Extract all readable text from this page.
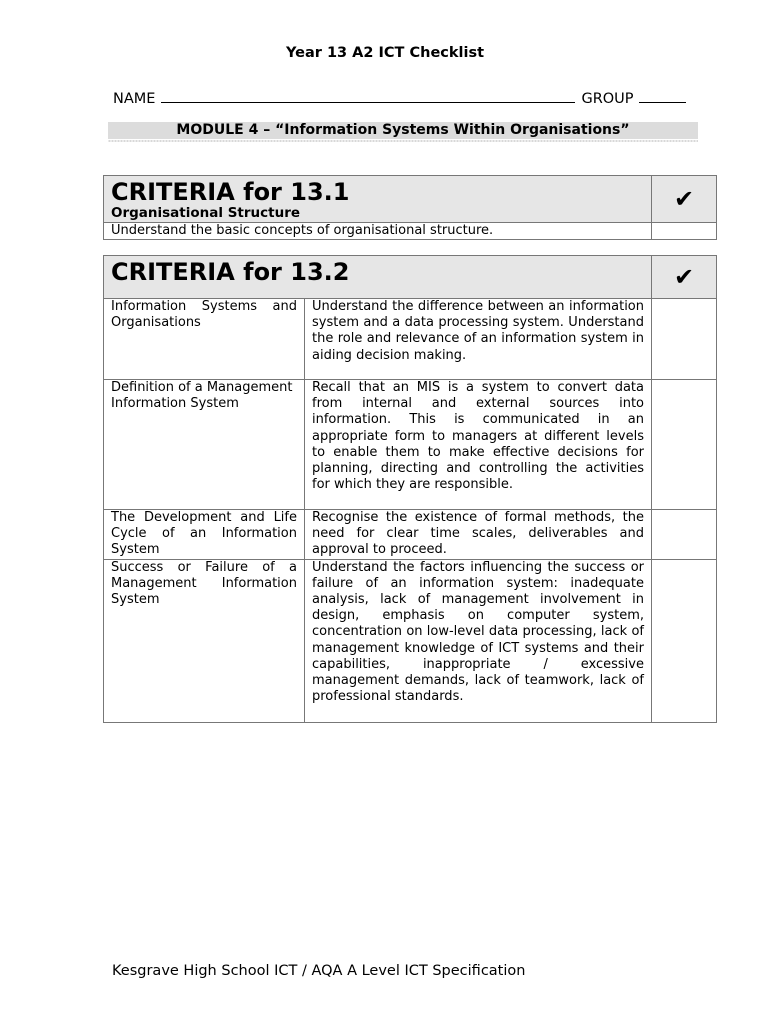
Year 13 A2 ICT Checklist
NAME	GROUP
MODULE 4 – “Information Systems Within Organisations”
CRITERIA for 13.1
Organisational Structure	✔
Understand the basic concepts of organisational structure.	
CRITERIA for 13.2		✔
Information Systems and Organisations	Understand the difference between an information system and a data processing system. Understand the role and relevance of an information system in aiding decision making.	
Definition of a Management Information System	Recall that an MIS is a system to convert data from internal and external sources into information. This is communicated in an appropriate form to managers at different levels to enable them to make effective decisions for planning, directing and controlling the activities for which they are responsible.	
The Development and Life Cycle of an Information System	Recognise the existence of formal methods, the need for clear time scales, deliverables and approval to proceed.	
Success or Failure of a Management Information System	Understand the factors influencing the success or failure of an information system: inadequate analysis, lack of management involvement in design, emphasis on computer system, concentration on low-level data processing, lack of management knowledge of ICT systems and their capabilities, inappropriate / excessive management demands, lack of teamwork, lack of professional standards.	
Kesgrave High School ICT / AQA A Level ICT Specification
